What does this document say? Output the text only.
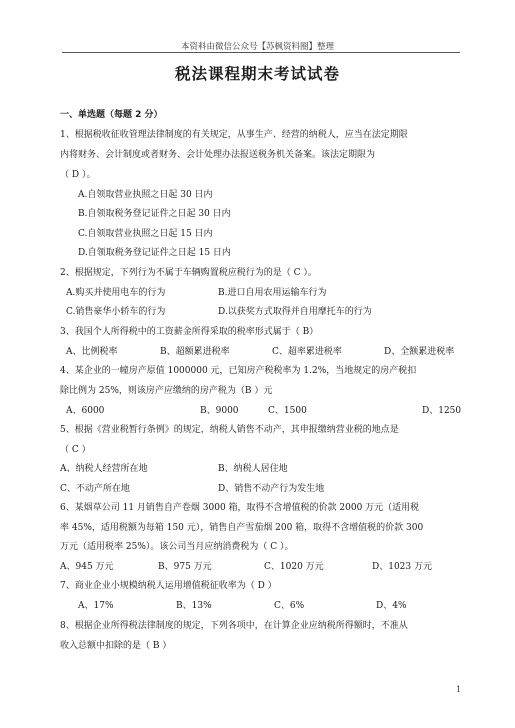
本资料由微信公众号【苏枫资料圈】整理
税法课程期末考试试卷
一、单选题（每题 2 分）
1、根据税收征收管理法律制度的有关规定，从事生产、经营的纳税人，应当在法定期限
内将财务、会计制度或者财务、会计处理办法报送税务机关备案。该法定期限为
（ D ）。
A.自领取营业执照之日起 30 日内
B.自领取税务登记证件之日起 30 日内
C.自领取营业执照之日起 15 日内
D.自领取税务登记证件之日起 15 日内
2、根据规定，下列行为不属于车辆购置税应税行为的是（ C ）。
A.购买并使用电车的行为	B.进口自用农用运输车行为
C.销售豪华小轿车的行为	D.以获奖方式取得并自用摩托车的行为
3、我国个人所得税中的工资薪金所得采取的税率形式属于（ B）
A、比例税率	B、超额累进税率	C、超率累进税率	D、全额累进税率
4、某企业的一幢房产原值 1000000 元，已知房产税税率为 1.2%，当地规定的房产税扣
除比例为 25%，则该房产应缴纳的房产税为（B ）元
A、6000	B、9000	C、1500	D、1250
5、根据《营业税暂行条例》的规定，纳税人销售不动产，其申报缴纳营业税的地点是
（ C ）
A、纳税人经营所在地	B、纳税人居住地
C、不动产所在地	D、销售不动产行为发生地
6、某烟草公司 11 月销售自产卷烟 3000 箱，取得不含增值税的价款 2000 万元（适用税
率 45%，适用税额为每箱 150 元），销售自产雪茄烟 200 箱，取得不含增值税的价款 300
万元（适用税率 25%）。该公司当月应纳消费税为（ C ）。
A、945 万元	B、975 万元	C、1020 万元	D、1023 万元
7、商业企业小规模纳税人运用增值税征收率为（ D ）
A、17%	B、13%	C、6%	D、4%
8、根据企业所得税法律制度的规定，下列各项中，在计算企业应纳税所得额时，不准从
收入总额中扣除的是（ B ）
1
